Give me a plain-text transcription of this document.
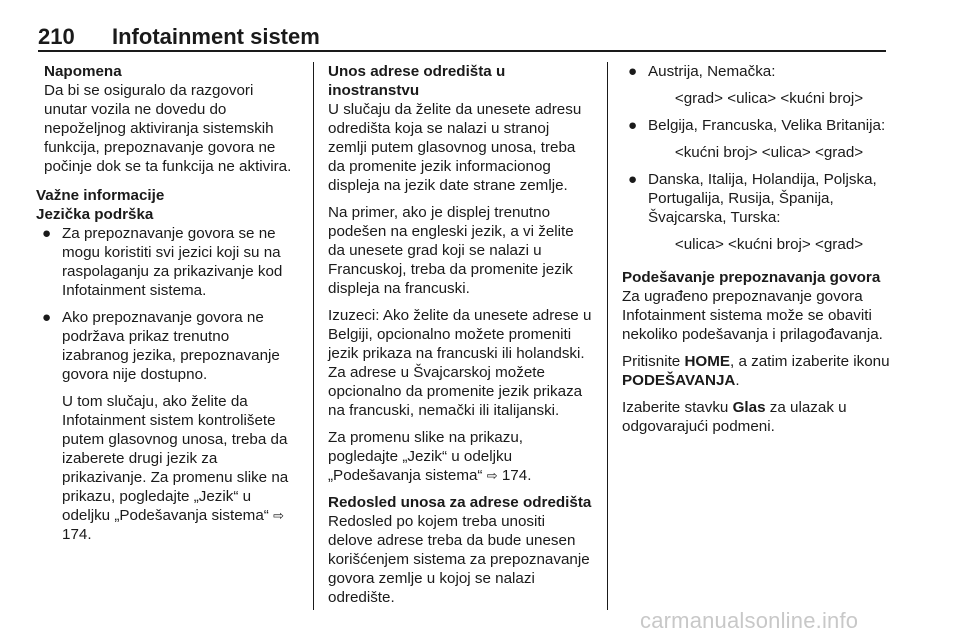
210 Infotainment sistem

Napomena

Da bi se osiguralo da razgovori unutar vozila ne dovedu do nepoželjnog aktiviranja sistemskih funkcija, prepoznavanje govora ne počinje dok se ta funkcija ne aktivira.

Važne informacije

Jezička podrška

● Za prepoznavanje govora se ne mogu koristiti svi jezici koji su na raspolaganju za prikazivanje kod Infotainment sistema.
● Ako prepoznavanje govora ne podržava prikaz trenutno izabranog jezika, prepoznavanje govora nije dostupno.

U tom slučaju, ako želite da Infotainment sistem kontrolišete putem glasovnog unosa, treba da izaberete drugi jezik za prikazivanje. Za promenu slike na prikazu, pogledajte „Jezik“ u odeljku „Podešavanja sistema“ ⇨ 174.

Unos adrese odredišta u inostranstvu

U slučaju da želite da unesete adresu odredišta koja se nalazi u stranoj zemlji putem glasovnog unosa, treba da promenite jezik informacionog displeja na jezik date strane zemlje.

Na primer, ako je displej trenutno podešen na engleski jezik, a vi želite da unesete grad koji se nalazi u Francuskoj, treba da promenite jezik displeja na francuski.

Izuzeci: Ako želite da unesete adrese u Belgiji, opcionalno možete promeniti jezik prikaza na francuski ili holandski. Za adrese u Švajcarskoj možete opcionalno da promenite jezik prikaza na francuski, nemački ili italijanski.

Za promenu slike na prikazu, pogledajte „Jezik“ u odeljku „Podešavanja sistema“ ⇨ 174.

Redosled unosa za adrese odredišta

Redosled po kojem treba unositi delove adrese treba da bude unesen korišćenjem sistema za prepoznavanje govora zemlje u kojoj se nalazi odredište.

● Austrija, Nemačka:

<grad> <ulica> <kućni broj>

● Belgija, Francuska, Velika Britanija:

<kućni broj> <ulica> <grad>

● Danska, Italija, Holandija, Poljska, Portugalija, Rusija, Španija, Švajcarska, Turska:

<ulica> <kućni broj> <grad>

Podešavanje prepoznavanja govora

Za ugrađeno prepoznavanje govora Infotainment sistema može se obaviti nekoliko podešavanja i prilagođavanja.

Pritisnite HOME, a zatim izaberite ikonu PODEŠAVANJA.

Izaberite stavku Glas za ulazak u odgovarajući podmeni.

carmanualsonline.info
